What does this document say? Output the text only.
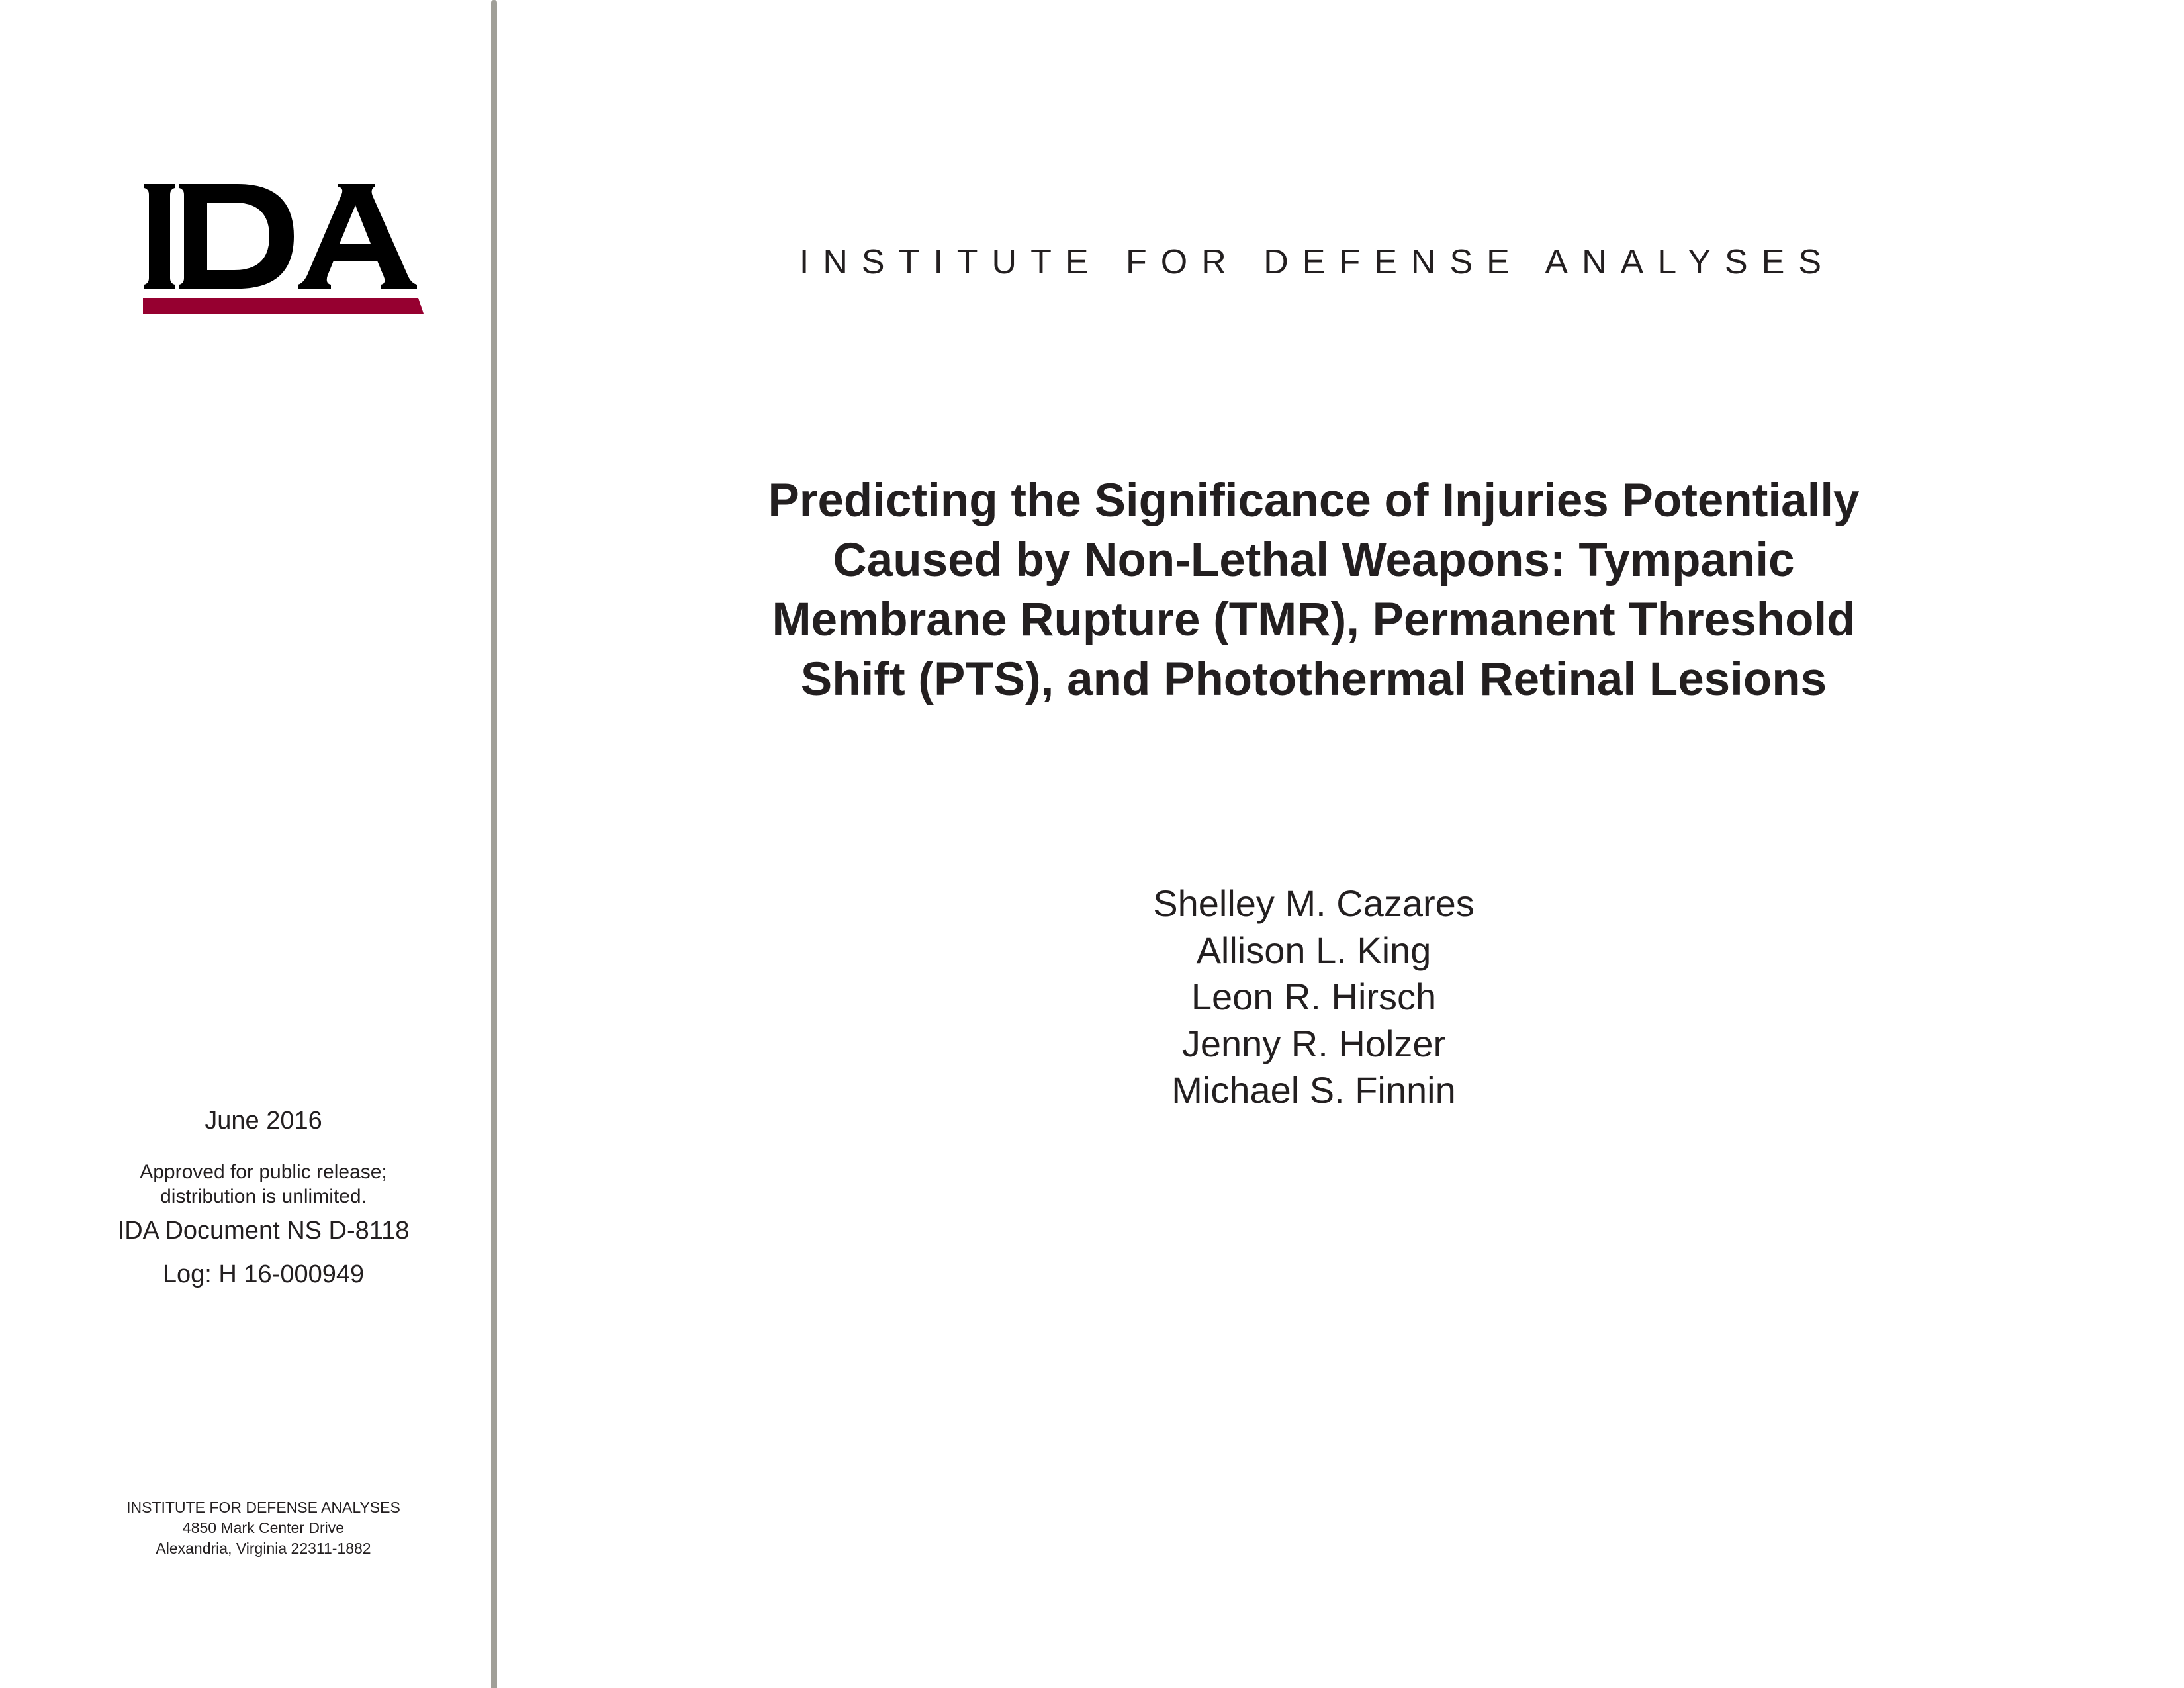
INSTITUTE FOR DEFENSE ANALYSES
Predicting the Significance of Injuries Potentially
Caused by Non-Lethal Weapons: Tympanic
Membrane Rupture (TMR), Permanent Threshold
Shift (PTS), and Photothermal Retinal Lesions
Shelley M. Cazares
Allison L. King
Leon R. Hirsch
Jenny R. Holzer
Michael S. Finnin
June 2016
Approved for public release;
distribution is unlimited.
IDA Document NS D-8118
Log: H 16-000949
INSTITUTE FOR DEFENSE ANALYSES
4850 Mark Center Drive
Alexandria, Virginia 22311-1882
